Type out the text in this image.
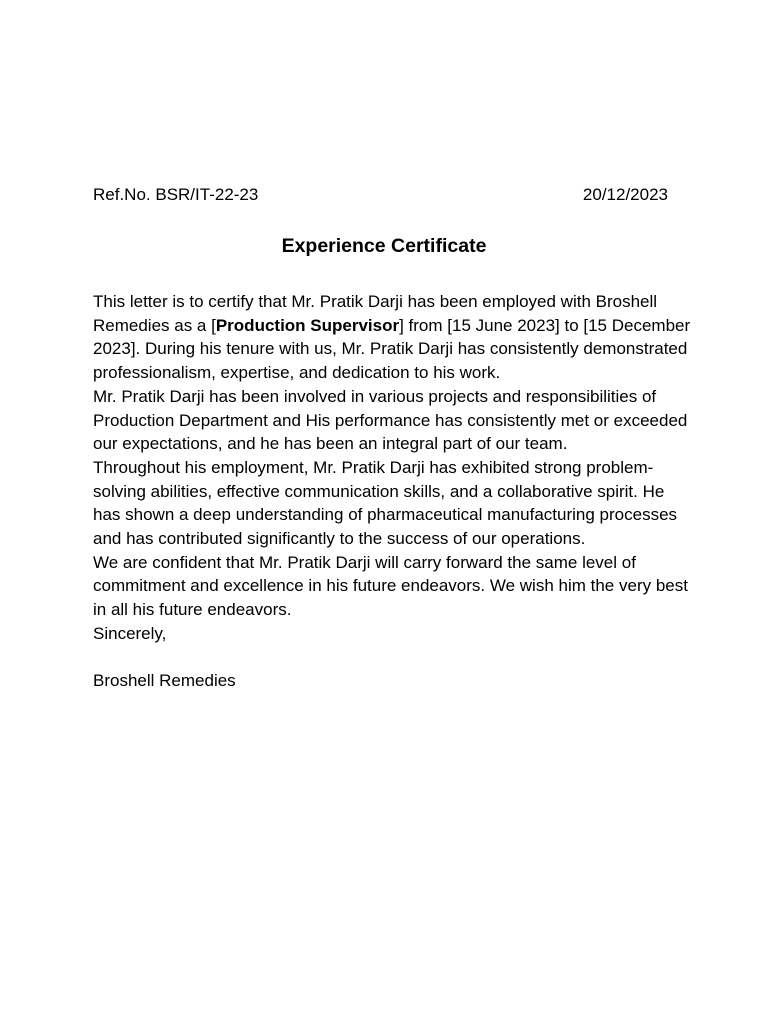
Ref.No. BSR/IT-22-23	20/12/2023
Experience Certificate

This letter is to certify that Mr. Pratik Darji has been employed with Broshell Remedies as a [Production Supervisor] from [15 June 2023] to [15 December 2023]. During his tenure with us, Mr. Pratik Darji has consistently demonstrated professionalism, expertise, and dedication to his work.

Mr. Pratik Darji has been involved in various projects and responsibilities of Production Department and His performance has consistently met or exceeded our expectations, and he has been an integral part of our team.

Throughout his employment, Mr. Pratik Darji has exhibited strong problem-solving abilities, effective communication skills, and a collaborative spirit. He has shown a deep understanding of pharmaceutical manufacturing processes and has contributed significantly to the success of our operations.

We are confident that Mr. Pratik Darji will carry forward the same level of commitment and excellence in his future endeavors. We wish him the very best in all his future endeavors.

Sincerely,

Broshell Remedies
